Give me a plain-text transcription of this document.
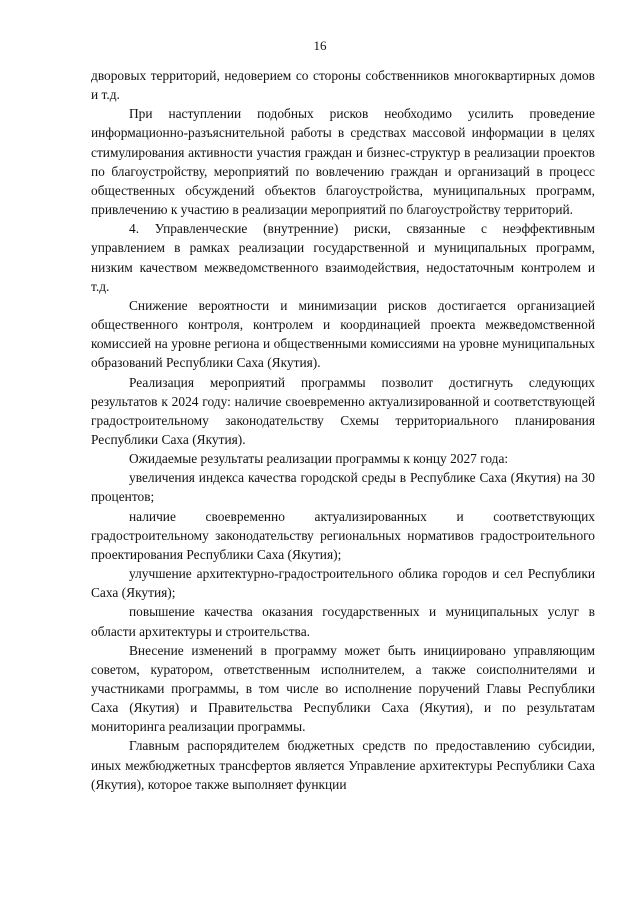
16

дворовых территорий, недоверием со стороны собственников многоквартирных домов и т.д.

При наступлении подобных рисков необходимо усилить проведение информационно-разъяснительной работы в средствах массовой информации в целях стимулирования активности участия граждан и бизнес-структур в реализации проектов по благоустройству, мероприятий по вовлечению граждан и организаций в процесс общественных обсуждений объектов благоустройства, муниципальных программ, привлечению к участию в реализации мероприятий по благоустройству территорий.

4. Управленческие (внутренние) риски, связанные с неэффективным управлением в рамках реализации государственной и муниципальных программ, низким качеством межведомственного взаимодействия, недостаточным контролем и т.д.

Снижение вероятности и минимизации рисков достигается организацией общественного контроля, контролем и координацией проекта межведомственной комиссией на уровне региона и общественными комиссиями на уровне муниципальных образований Республики Саха (Якутия).

Реализация мероприятий программы позволит достигнуть следующих результатов к 2024 году: наличие своевременно актуализированной и соответствующей градостроительному законодательству Схемы территориального планирования Республики Саха (Якутия).

Ожидаемые результаты реализации программы к концу 2027 года:

увеличения индекса качества городской среды в Республике Саха (Якутия) на 30 процентов;

наличие своевременно актуализированных и соответствующих градостроительному законодательству региональных нормативов градостроительного проектирования Республики Саха (Якутия);

улучшение архитектурно-градостроительного облика городов и сел Республики Саха (Якутия);

повышение качества оказания государственных и муниципальных услуг в области архитектуры и строительства.

Внесение изменений в программу может быть инициировано управляющим советом, куратором, ответственным исполнителем, а также соисполнителями и участниками программы, в том числе во исполнение поручений Главы Республики Саха (Якутия) и Правительства Республики Саха (Якутия), и по результатам мониторинга реализации программы.

Главным распорядителем бюджетных средств по предоставлению субсидии, иных межбюджетных трансфертов является Управление архитектуры Республики Саха (Якутия), которое также выполняет функции
